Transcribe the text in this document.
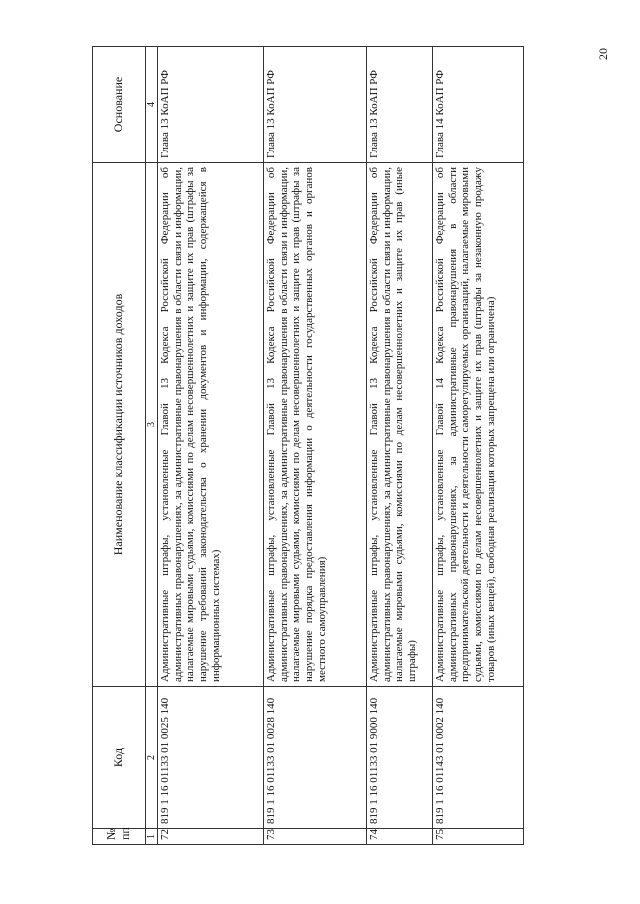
20
№ пп	Код	Наименование классификации источников доходов	Основание
1	2	3	4
72	819 1 16 01133 01 0025 140	Административные штрафы, установленные Главой 13 Кодекса Российской Федерации об административных правонарушениях, за административные правонарушения в области связи и информации, налагаемые мировыми судьями, комиссиями по делам несовершеннолетних и защите их прав (штрафы за нарушение требований законодательства о хранении документов и информации, содержащейся в информационных системах)	Глава 13 КоАП РФ
73	819 1 16 01133 01 0028 140	Административные штрафы, установленные Главой 13 Кодекса Российской Федерации об административных правонарушениях, за административные правонарушения в области связи и информации, налагаемые мировыми судьями, комиссиями по делам несовершеннолетних и защите их прав (штрафы за нарушение порядка предоставления информации о деятельности государственных органов и органов местного самоуправления)	Глава 13 КоАП РФ
74	819 1 16 01133 01 9000 140	Административные штрафы, установленные Главой 13 Кодекса Российской Федерации об административных правонарушениях, за административные правонарушения в области связи и информации, налагаемые мировыми судьями, комиссиями по делам несовершеннолетних и защите их прав (иные штрафы)	Глава 13 КоАП РФ
75	819 1 16 01143 01 0002 140	Административные штрафы, установленные Главой 14 Кодекса Российской Федерации об административных правонарушениях, за административные правонарушения в области предпринимательской деятельности и деятельности саморегулируемых организаций, налагаемые мировыми судьями, комиссиями по делам несовершеннолетних и защите их прав (штрафы за незаконную продажу товаров (иных вещей), свободная реализация которых запрещена или ограничена)	Глава 14 КоАП РФ
